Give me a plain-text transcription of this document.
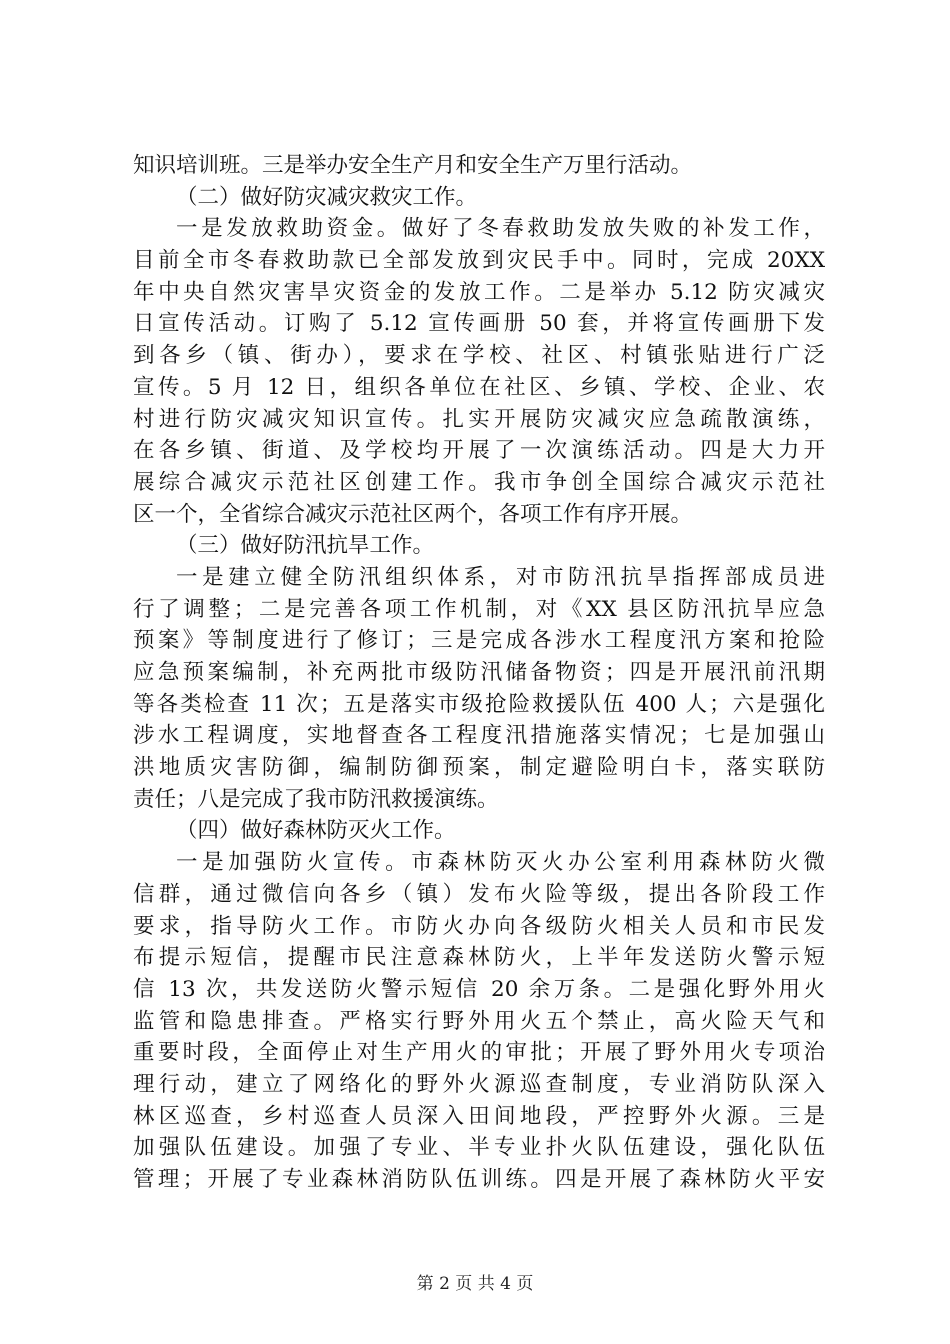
知识培训班。三是举办安全生产月和安全生产万里行活动。
（二）做好防灾减灾救灾工作。
一是发放救助资金。做好了冬春救助发放失败的补发工作，
目前全市冬春救助款已全部发放到灾民手中。同时，完成 20XX
年中央自然灾害旱灾资金的发放工作。二是举办 5.12 防灾减灾
日宣传活动。订购了 5.12 宣传画册 50 套，并将宣传画册下发
到各乡（镇、街办），要求在学校、社区、村镇张贴进行广泛
宣传。5 月 12 日，组织各单位在社区、乡镇、学校、企业、农
村进行防灾减灾知识宣传。扎实开展防灾减灾应急疏散演练，
在各乡镇、街道、及学校均开展了一次演练活动。四是大力开
展综合减灾示范社区创建工作。我市争创全国综合减灾示范社
区一个，全省综合减灾示范社区两个，各项工作有序开展。
（三）做好防汛抗旱工作。
一是建立健全防汛组织体系，对市防汛抗旱指挥部成员进
行了调整；二是完善各项工作机制，对《XX 县区防汛抗旱应急
预案》等制度进行了修订；三是完成各涉水工程度汛方案和抢险
应急预案编制，补充两批市级防汛储备物资；四是开展汛前汛期
等各类检查 11 次；五是落实市级抢险救援队伍 400 人；六是强化
涉水工程调度，实地督查各工程度汛措施落实情况；七是加强山
洪地质灾害防御，编制防御预案，制定避险明白卡，落实联防
责任；八是完成了我市防汛救援演练。
（四）做好森林防灭火工作。
一是加强防火宣传。市森林防灭火办公室利用森林防火微
信群，通过微信向各乡（镇）发布火险等级，提出各阶段工作
要求，指导防火工作。市防火办向各级防火相关人员和市民发
布提示短信，提醒市民注意森林防火，上半年发送防火警示短
信 13 次，共发送防火警示短信 20 余万条。二是强化野外用火
监管和隐患排查。严格实行野外用火五个禁止，高火险天气和
重要时段，全面停止对生产用火的审批；开展了野外用火专项治
理行动，建立了网络化的野外火源巡查制度，专业消防队深入
林区巡查，乡村巡查人员深入田间地段，严控野外火源。三是
加强队伍建设。加强了专业、半专业扑火队伍建设，强化队伍
管理；开展了专业森林消防队伍训练。四是开展了森林防火平安
第 2 页 共 4 页
